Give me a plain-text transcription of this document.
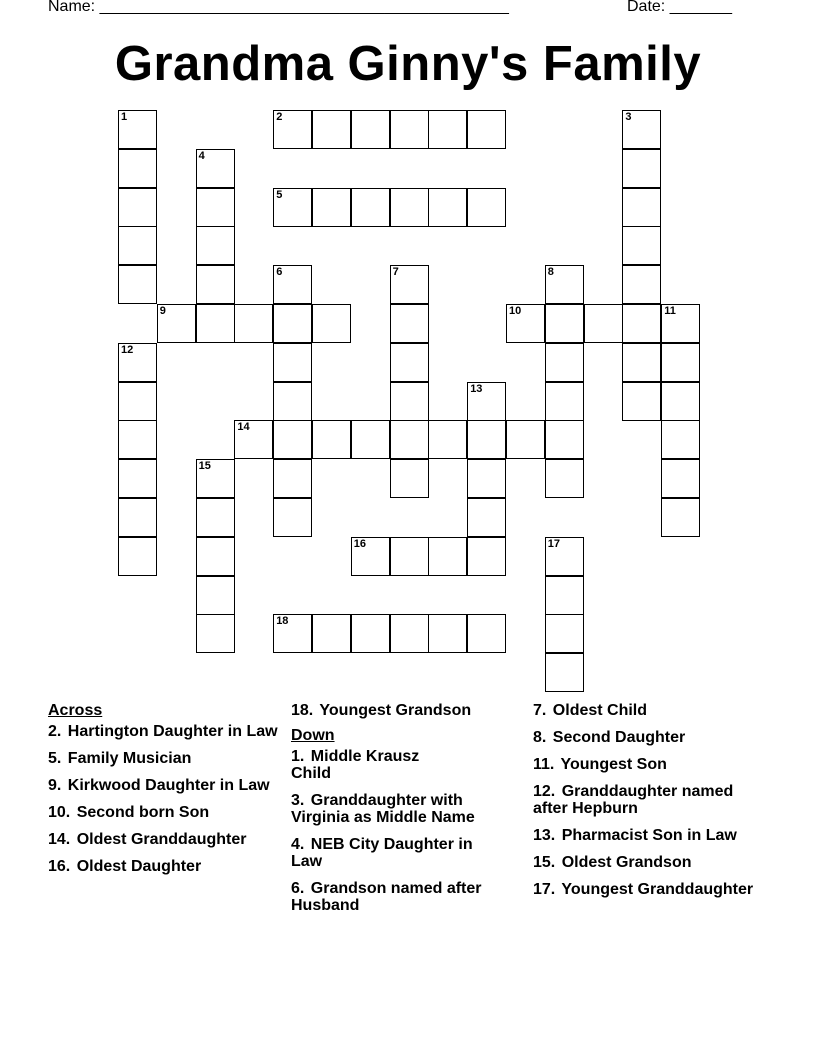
Name: ______________________________________________	Date: _______
Grandma Ginny's Family
2
5
9	10	11
14
16
18
1	3
4
6	7	8
12
13
15
17
Across
2. Hartington Daughter in Law
5. Family Musician
9. Kirkwood Daughter in Law
10. Second born Son
14. Oldest Granddaughter
16. Oldest Daughter
18. Youngest Grandson
Down
1. Middle Krausz Child
3. Granddaughter with Virginia as Middle Name
4. NEB City Daughter in Law
6. Grandson named after Husband
7. Oldest Child
8. Second Daughter
11. Youngest Son
12. Granddaughter named after Hepburn
13. Pharmacist Son in Law
15. Oldest Grandson
17. Youngest Granddaughter
